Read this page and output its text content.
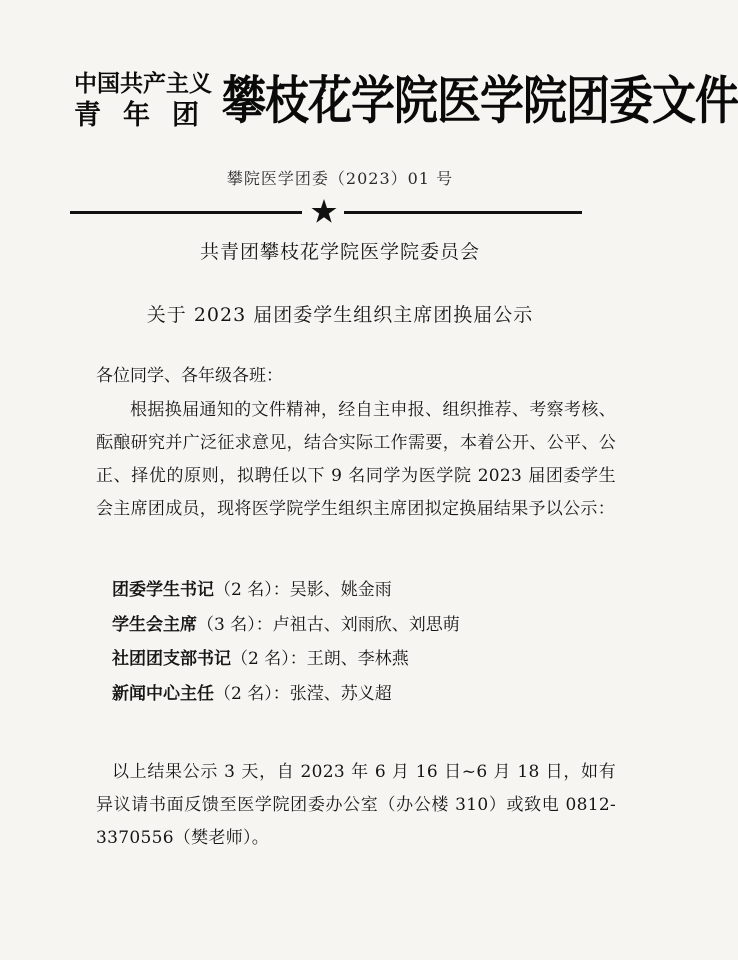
中国共产主义
青年团 攀枝花学院医学院团委文件
攀院医学团委（2023）01 号
共青团攀枝花学院医学院委员会
关于 2023 届团委学生组织主席团换届公示
各位同学、各年级各班：
根据换届通知的文件精神，经自主申报、组织推荐、考察考核、酝酿研究并广泛征求意见，结合实际工作需要，本着公开、公平、公正、择优的原则，拟聘任以下 9 名同学为医学院 2023 届团委学生会主席团成员，现将医学院学生组织主席团拟定换届结果予以公示：
团委学生书记（2 名）：吴影、姚金雨
学生会主席（3 名）：卢祖古、刘雨欣、刘思萌
社团团支部书记（2 名）：王朗、李林燕
新闻中心主任（2 名）：张滢、苏义超
以上结果公示 3 天，自 2023 年 6 月 16 日~6 月 18 日，如有异议请书面反馈至医学院团委办公室（办公楼 310）或致电 0812-3370556（樊老师）。
